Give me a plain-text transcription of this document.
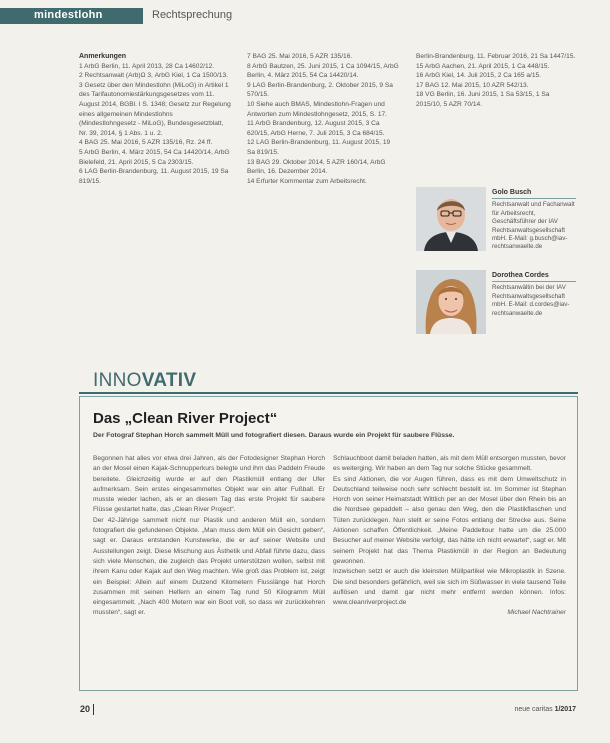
mindestlohn	Rechtsprechung

Anmerkungen

1 ArbG Berlin, 11. April 2013, 28 Ca 14602/12.

2 Rechtsanwalt (Arb)Ω 3, ArbG Kiel, 1 Ca 1500/13.

3 Gesetz über den Mindestlohn (MiLoG) in Artikel 1 des Tarifautonomiestärkungsgesetzes vom 11. August 2014, BGBl. I S. 1348; Gesetz zur Regelung eines allgemeinen Mindestlohns (Mindestlohngesetz - MiLoG), Bundesgesetzblatt, Nr. 39, 2014, § 1 Abs. 1 u. 2.

4 BAG 25. Mai 2016, 5 AZR 135/16, Rz. 24 ff.

5 ArbG Berlin, 4. März 2015, 54 Ca 14420/14, ArbG Bielefeld, 21. April 2015, 5 Ca 2303/15.

6 LAG Berlin-Brandenburg, 11. August 2015, 19 Sa 819/15.

7 BAG 25. Mai 2016, 5 AZR 135/16.

8 ArbG Bautzen, 25. Juni 2015, 1 Ca 1094/15, ArbG Berlin, 4. März 2015, 54 Ca 14420/14.

9 LAG Berlin-Brandenburg, 2. Oktober 2015, 9 Sa 570/15.

10 Siehe auch BMAS, Mindestlohn-Fragen und Antworten zum Mindestlohngesetz, 2015, S. 17.

11 ArbG Brandenburg, 12. August 2015, 3 Ca 620/15, ArbG Herne, 7. Juli 2015, 3 Ca 684/15.

12 LAG Berlin-Brandenburg, 11. August 2015, 19 Sa 819/15.

13 BAG 29. Oktober 2014, 5 AZR 160/14, ArbG Berlin, 16. Dezember 2014.

14 Erfurter Kommentar zum Arbeitsrecht.

Berlin-Brandenburg, 11. Februar 2016, 21 Sa 1447/15.

15 ArbG Aachen, 21. April 2015, 1 Ca 448/15.

16 ArbG Kiel, 14. Juli 2015, 2 Ca 165 a/15.

17 BAG 12. Mai 2015, 10 AZR 542/13.

18 VG Berlin, 16. Juni 2015, 1 Sa 53/15, 1 Sa 2015/10, 5 AZR 70/14.

Golo Busch
Rechtsanwalt und Fachanwalt für Arbeitsrecht, Geschäftsführer der IAV Rechtsanwaltsgesellschaft mbH. E-Mail: g.busch@iav-rechtsanwaelte.de
Dorothea Cordes
Rechtsanwältin bei der IAV Rechtsanwaltsgesellschaft mbH. E-Mail: d.cordes@iav-rechtsanwaelte.de
INNOVATIV
Das „Clean River Project“
Der Fotograf Stephan Horch sammelt Müll und fotografiert diesen. Daraus wurde ein Projekt für saubere Flüsse.

Begonnen hat alles vor etwa drei Jahren, als der Fotodesigner Stephan Horch an der Mosel einen Kajak-Schnupperkurs belegte und ihm das Paddeln Freude bereitete. Gleichzeitig wurde er auf den Plastikmüll entlang der Ufer aufmerksam. Sein erstes eingesammeltes Objekt war ein alter Fußball. Er musste wieder lachen, als er an diesem Tag das erste Projekt für saubere Flüsse gestartet hatte, das „Clean River Project“.

Der 42-Jährige sammelt nicht nur Plastik und anderen Müll ein, sondern fotografiert die gefundenen Objekte. „Man muss dem Müll ein Gesicht geben“, sagt er. Daraus entstanden Kunstwerke, die er auf seiner Website und Ausstellungen zeigt. Diese Mischung aus Ästhetik und Abfall führte dazu, dass sich viele Menschen, die zugleich das Projekt unterstützen wollen, selbst mit ihrem Kanu oder Kajak auf den Weg machten. Wie groß das Problem ist, zeigt ein Beispiel: Allein auf einem Dutzend Kilometern Flusslänge hat Horch zusammen mit seinen Helfern an einem Tag rund 50 Kilogramm Müll eingesammelt. „Nach 400 Metern war ein Boot voll, so dass wir zurückkehren mussten“, sagt er.

Schlauchboot damit beladen hatten, als mit dem Müll entsorgen mussten, bevor es weiterging. Wir haben an dem Tag nur solche Stücke gesammelt.

Es sind Aktionen, die vor Augen führen, dass es mit dem Umweltschutz in Deutschland teilweise noch sehr schlecht bestellt ist. Im Sommer ist Stephan Horch von seiner Heimatstadt Wittlich per an der Mosel über den Rhein bis an die Nordsee gepaddelt – also genau den Weg, den die Plastikflaschen und Tüten zurücklegen. Nun stellt er seine Fotos entlang der Strecke aus. Seine Aktionen schaffen Öffentlichkeit. „Meine Paddeltour hatte um die 25.000 Besucher auf meiner Website verfolgt, das hätte ich nicht erwartet“, sagt er. Mit seinem Projekt hat das Thema Plastikmüll in der Region an Bedeutung gewonnen.

Inzwischen setzt er auch die kleinsten Müllpartikel wie Mikroplastik in Szene. Die sind besonders gefährlich, weil sie sich im Süßwasser in viele tausend Teile auflösen und damit gar nicht mehr entfernt werden können. Infos: www.cleanriverproject.de

Michael Nachtrainer

20	neue caritas 1/2017
